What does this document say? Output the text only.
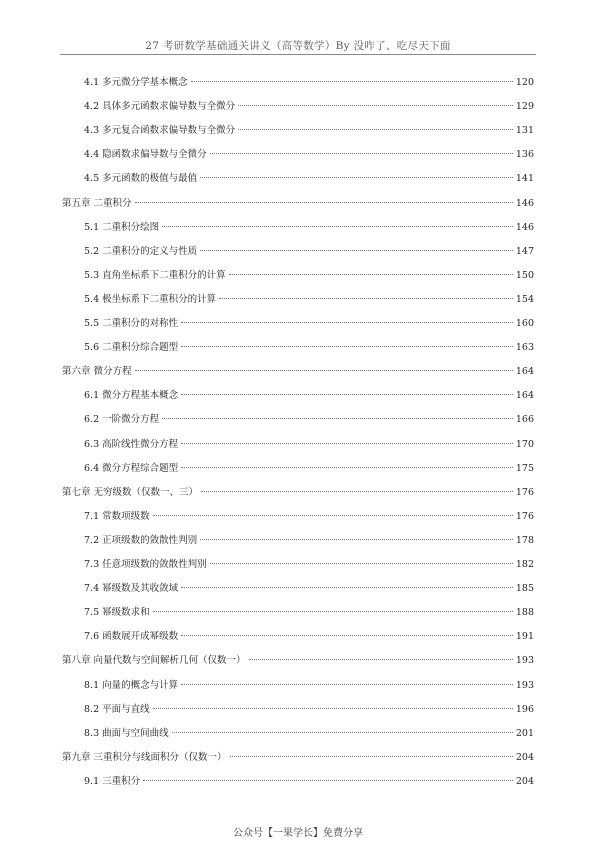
27 考研数学基础通关讲义（高等数学）By 没咋了、吃尽天下面
4.1 多元微分学基本概念	120
4.2 具体多元函数求偏导数与全微分	129
4.3 多元复合函数求偏导数与全微分	131
4.4 隐函数求偏导数与全微分	136
4.5 多元函数的极值与最值	141
第五章 二重积分	146
5.1 二重积分绘图	146
5.2 二重积分的定义与性质	147
5.3 直角坐标系下二重积分的计算	150
5.4 极坐标系下二重积分的计算	154
5.5 二重积分的对称性	160
5.6 二重积分综合题型	163
第六章 微分方程	164
6.1 微分方程基本概念	164
6.2 一阶微分方程	166
6.3 高阶线性微分方程	170
6.4 微分方程综合题型	175
第七章 无穷级数（仅数一、三）	176
7.1 常数项级数	176
7.2 正项级数的敛散性判别	178
7.3 任意项级数的敛散性判别	182
7.4 幂级数及其收敛域	185
7.5 幂级数求和	188
7.6 函数展开成幂级数	191
第八章 向量代数与空间解析几何（仅数一）	193
8.1 向量的概念与计算	193
8.2 平面与直线	196
8.3 曲面与空间曲线	201
第九章 三重积分与线面积分（仅数一）	204
9.1 三重积分	204
公众号【一果学长】免费分享
